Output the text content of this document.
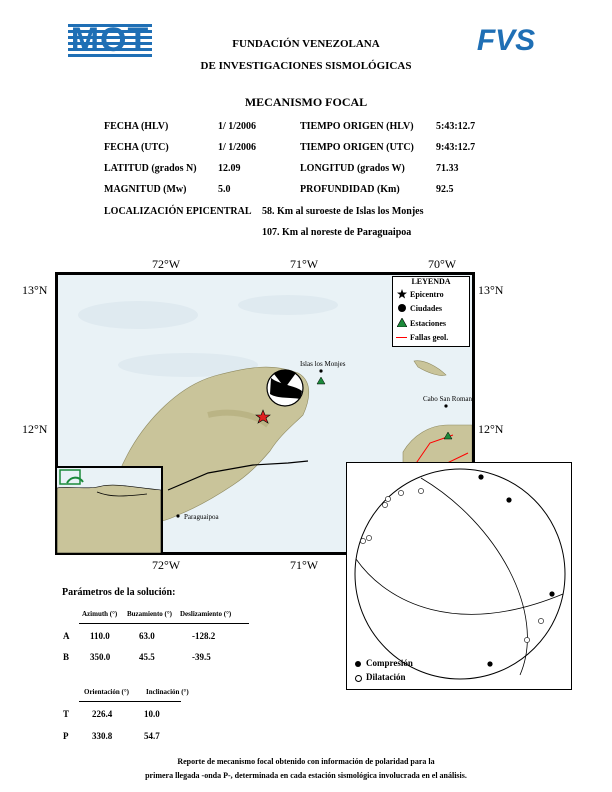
MOT	FVS
FUNDACIÓN VENEZOLANA
DE INVESTIGACIONES SISMOLÓGICAS
MECANISMO FOCAL
FECHA (HLV)	1/ 1/2006	TIEMPO ORIGEN (HLV) 5:43:12.7
FECHA (UTC)	1/ 1/2006	TIEMPO ORIGEN (UTC) 9:43:12.7
LATITUD (grados N) 12.09	LONGITUD (grados W)	71.33
MAGNITUD (Mw)	5.0	PROFUNDIDAD (Km)	92.5
LOCALIZACIÓN EPICENTRAL 58. Km al suroeste de Islas los Monjes
107. Km al noreste de Paraguaipoa
72°W	71°W	70°W
13°N	13°N
12°N	12°N
72°W	71°W
Islas los Monjes
Cabo San Roman
Paraguaipoa
LEYENDA
Epicentro
Ciudades
Estaciones
Fallas geol.
Compresión
Dilatación
Parámetros de la solución:
Azimuth (°) Buzamiento (°) Deslizamiento (°)
A 110.0	63.0	-128.2
B 350.0	45.5	-39.5
Orientación (°) Inclinación (°)
T	226.4	10.0
P	330.8	54.7
Reporte de mecanismo focal obtenido con información de polaridad para la
primera llegada -onda P-, determinada en cada estación sismológica involucrada en el análisis.
